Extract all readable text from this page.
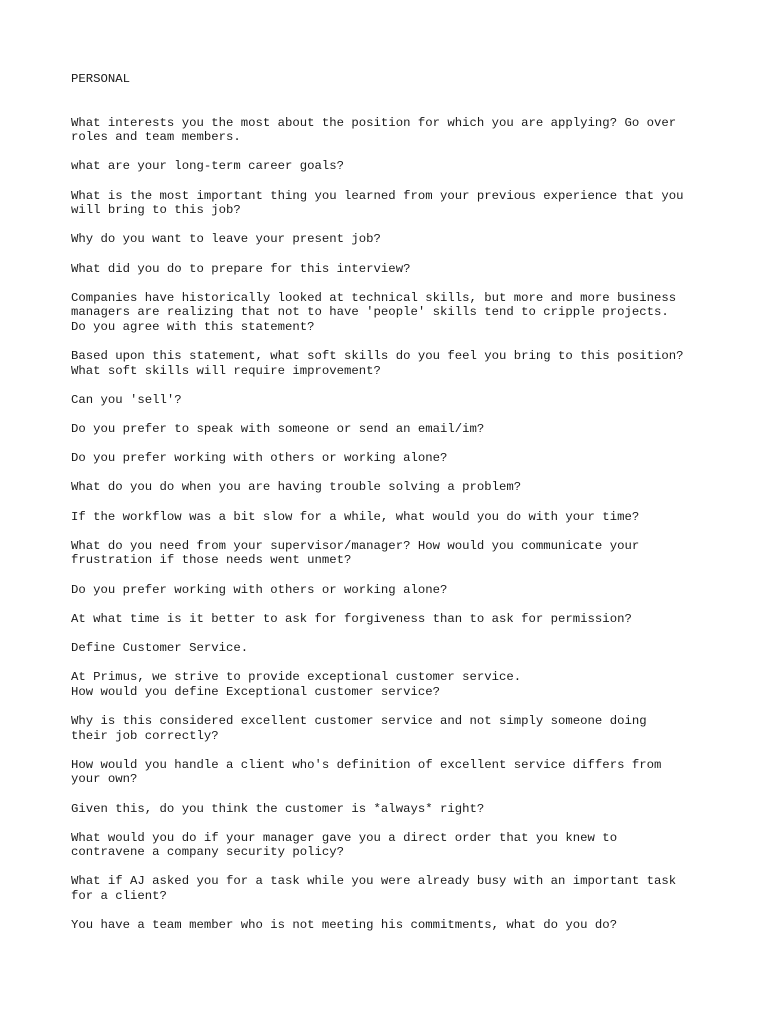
PERSONAL
What interests you the most about the position for which you are applying? Go over
roles and team members.
what are your long-term career goals?
What is the most important thing you learned from your previous experience that you
will bring to this job?
Why do you want to leave your present job?
What did you do to prepare for this interview?
Companies have historically looked at technical skills, but more and more business
managers are realizing that not to have 'people' skills tend to cripple projects.
Do you agree with this statement?
Based upon this statement, what soft skills do you feel you bring to this position?
What soft skills will require improvement?
Can you 'sell'?
Do you prefer to speak with someone or send an email/im?
Do you prefer working with others or working alone?
What do you do when you are having trouble solving a problem?
If the workflow was a bit slow for a while, what would you do with your time?
What do you need from your supervisor/manager? How would you communicate your
frustration if those needs went unmet?
Do you prefer working with others or working alone?
At what time is it better to ask for forgiveness than to ask for permission?
Define Customer Service.
At Primus, we strive to provide exceptional customer service.
How would you define Exceptional customer service?
Why is this considered excellent customer service and not simply someone doing
their job correctly?
How would you handle a client who's definition of excellent service differs from
your own?
Given this, do you think the customer is *always* right?
What would you do if your manager gave you a direct order that you knew to
contravene a company security policy?
What if AJ asked you for a task while you were already busy with an important task
for a client?
You have a team member who is not meeting his commitments, what do you do?
